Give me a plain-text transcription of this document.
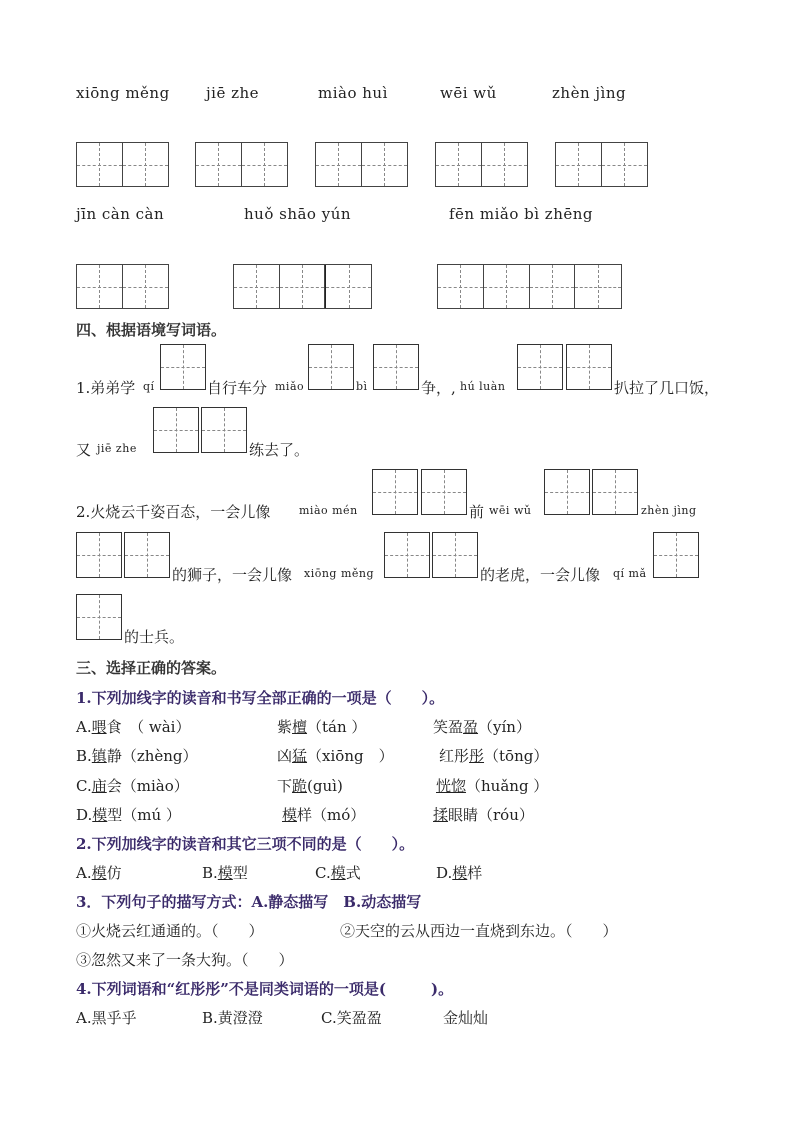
xiōng měng jiē zhe	miào huì	wēi wǔ	zhèn jìng
jīn càn càn	huǒ shāo yún	fēn miǎo bì zhēng
四、根据语境写词语。
1.弟弟学 qí	自行车分 miǎo	bì	争，, hú luàn	扒拉了几口饭，
又 jiē zhe	练去了。
2.火烧云千姿百态，一会儿像	miào mén	前 wēi wǔ	zhèn jìng
的狮子，一会儿像 xiōng měng	的老虎，一会儿像 qí mǎ
的士兵。
三、选择正确的答案。
1.下列加线字的读音和书写全部正确的一项是（　　）。
A.喂食　（ wài）	紫檀（tán ）	笑盈盈（yín）
B.镇静（zhèng）	凶猛（xiōng　）	红彤彤（tōng）
C.庙会（miào）	下跪(guì)	恍惚（huǎng ）
D.模型（mú ）	模样（mó）	揉眼睛（róu）
2.下列加线字的读音和其它三项不同的是（　　）。
A.模仿	B.模型	C.模式	D.模样
3．下列句子的描写方式：A.静态描写　B.动态描写
①火烧云红通通的。（　　）	②天空的云从西边一直烧到东边。（　　）
③忽然又来了一条大狗。（　　）
4.下列词语和“红彤彤”不是同类词语的一项是(　　　)。
A.黑乎乎	B.黄澄澄	C.笑盈盈	金灿灿
